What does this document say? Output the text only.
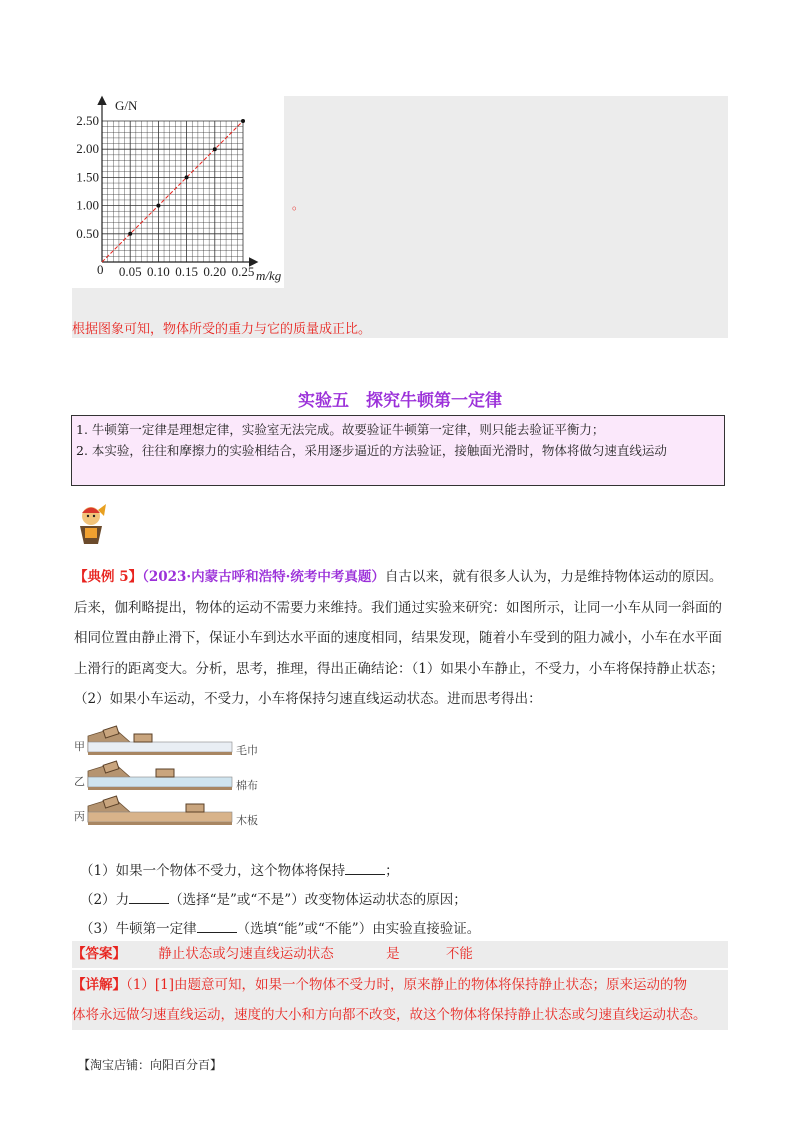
0.50
1.00
1.50
2.00
2.50
0.05 0.10 0.15 0.20 0.25
G/N
m/kg
0
。
根据图象可知，物体所受的重力与它的质量成正比。
实验五　探究牛顿第一定律
1. 牛顿第一定律是理想定律，实验室无法完成。故要验证牛顿第一定律，则只能去验证平衡力；
2. 本实验，往往和摩擦力的实验相结合，采用逐步逼近的方法验证，接触面光滑时，物体将做匀速直线运动
【典例 5】（2023·内蒙古呼和浩特·统考中考真题）自古以来，就有很多人认为，力是维持物体运动的原因。后来，伽利略提出，物体的运动不需要力来维持。我们通过实验来研究：如图所示，让同一小车从同一斜面的相同位置由静止滑下，保证小车到达水平面的速度相同，结果发现，随着小车受到的阻力减小，小车在水平面上滑行的距离变大。分析，思考，推理，得出正确结论：（1）如果小车静止，不受力，小车将保持静止状态；（2）如果小车运动，不受力，小车将保持匀速直线运动状态。进而思考得出：
甲
乙
丙
毛巾
棉布
木板
（1）如果一个物体不受力，这个物体将保持	；
（2）力	（选择“是”或“不是”）改变物体运动状态的原因；
（3）牛顿第一定律	（选填“能”或“不能”）由实验直接验证。
【答案】 静止状态或匀速直线运动状态	是	不能
【详解】（1）[1]由题意可知，如果一个物体不受力时，原来静止的物体将保持静止状态；原来运动的物
体将永远做匀速直线运动，速度的大小和方向都不改变，故这个物体将保持静止状态或匀速直线运动状态。
【淘宝店铺：向阳百分百】
